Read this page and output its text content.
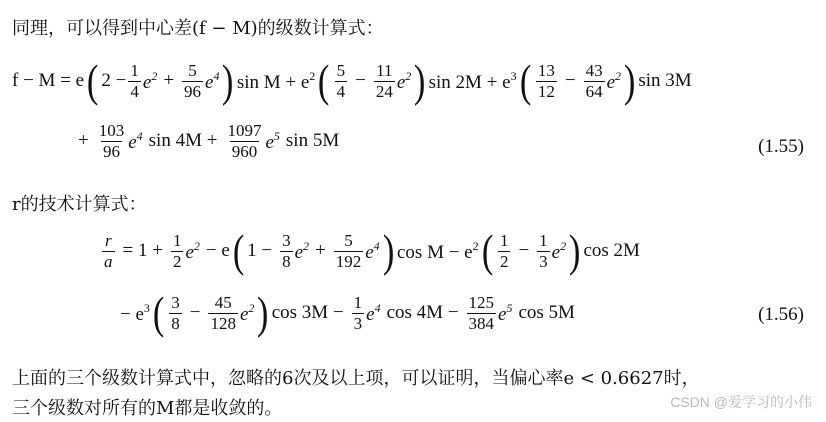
同理，可以得到中心差(f − M)的级数计算式：
f − M = e ( $2 - \frac{1}{4} e^2 + \frac{5}{96} e^4$ ) $\sin M + e^2$ ( $\frac{5}{4} - \frac{11}{24} e^2$ ) $\sin 2M + e^3$ ( $\frac{13}{12} - \frac{43}{64} e^2$ ) sin 3M
+ $\frac{103}{96} e^4$ $\sin 4M + \frac{1097}{960} e^5$ sin 5M	(1.55)
r的技术计算式：
$\frac{r}{a} = 1 + \frac{1}{2} e^2 - e$ ( $1 - \frac{3}{8} e^2 + \frac{5}{192} e^4$ ) $\cos M - e^2$ ( $\frac{1}{2} - \frac{1}{3} e^2$ ) cos 2M
− $e^3$ ( $\frac{3}{8} - \frac{45}{128} e^2$ ) $\cos 3M - \frac{1}{3} e^4$ $\cos 4M - \frac{125}{384} e^5$ cos 5M	(1.56)
上面的三个级数计算式中，忽略的6次及以上项，可以证明，当偏心率e < 0.6627时，
三个级数对所有的M都是收敛的。	CSDN @爱学习的小伟
